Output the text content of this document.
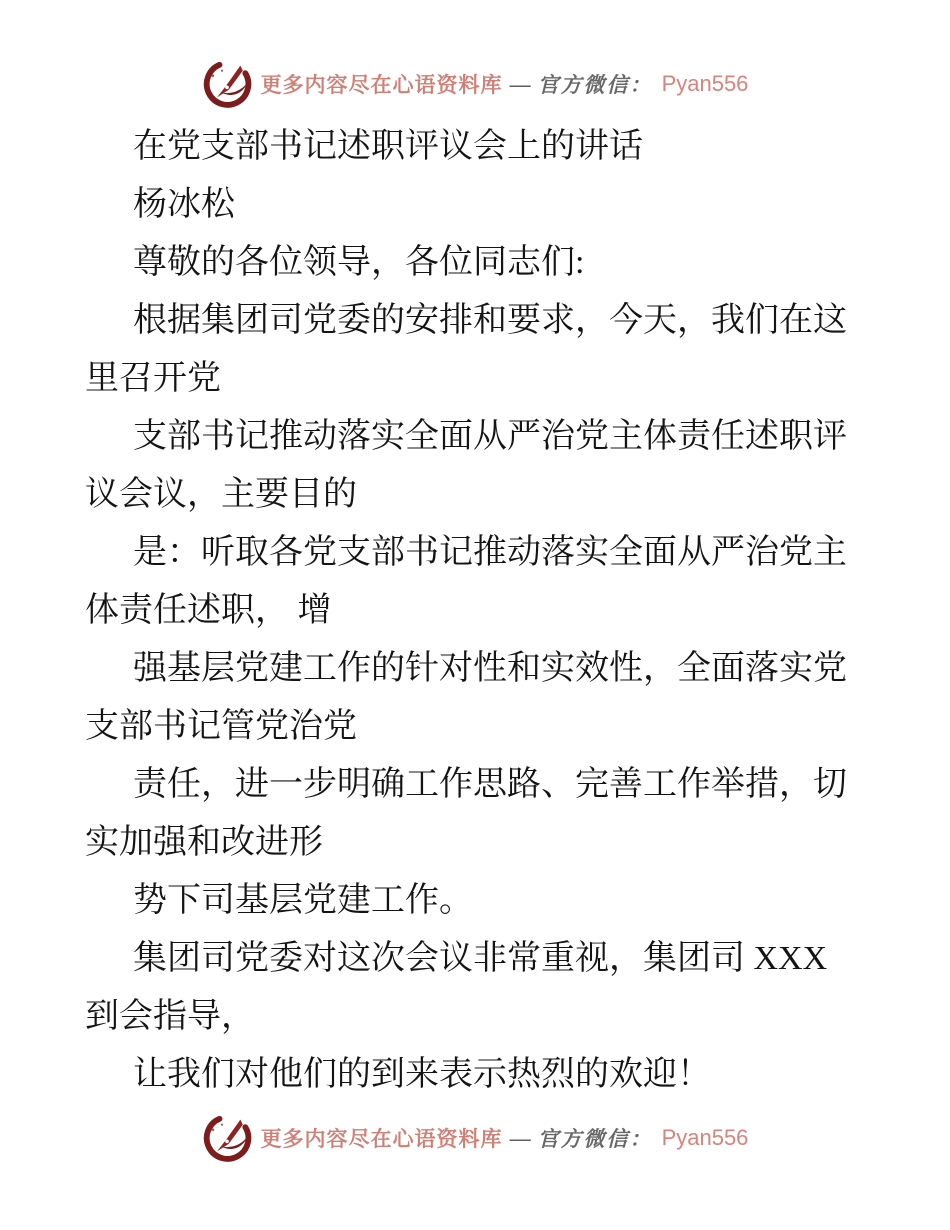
更多内容尽在心语资料库 — 官方微信： Pyan556

在党支部书记述职评议会上的讲话

杨冰松

尊敬的各位领导，各位同志们:

根据集团司党委的安排和要求，今天，我们在这

里召开党

支部书记推动落实全面从严治党主体责任述职评

议会议，主要目的

是：听取各党支部书记推动落实全面从严治党主

体责任述职， 增

强基层党建工作的针对性和实效性，全面落实党

支部书记管党治党

责任，进一步明确工作思路、完善工作举措，切

实加强和改进形

势下司基层党建工作。

集团司党委对这次会议非常重视，集团司 XXX

到会指导，

让我们对他们的到来表示热烈的欢迎！

更多内容尽在心语资料库 — 官方微信： Pyan556
